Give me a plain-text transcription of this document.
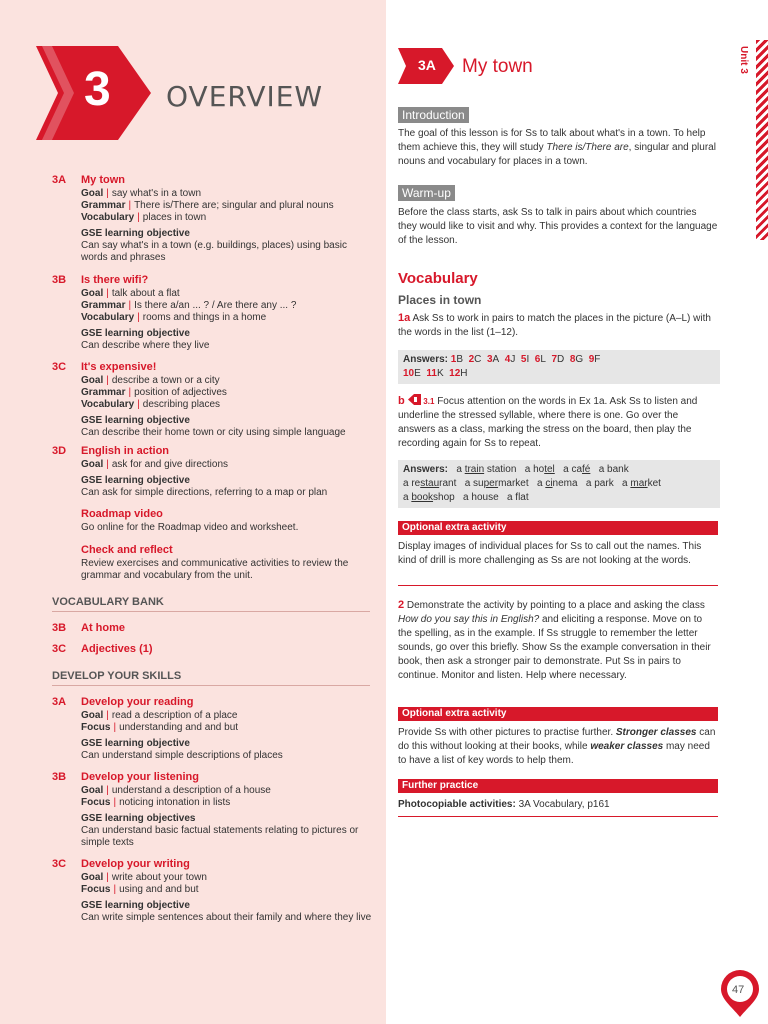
3 OVERVIEW
3A My town
Goal | say what's in a town
Grammar | There is/There are; singular and plural nouns
Vocabulary | places in town
GSE learning objective
Can say what's in a town (e.g. buildings, places) using basic words and phrases
3B Is there wifi?
Goal | talk about a flat
Grammar | Is there a/an ... ? / Are there any ... ?
Vocabulary | rooms and things in a home
GSE learning objective
Can describe where they live
3C It's expensive!
Goal | describe a town or a city
Grammar | position of adjectives
Vocabulary | describing places
GSE learning objective
Can describe their home town or city using simple language
3D English in action
Goal | ask for and give directions
GSE learning objective
Can ask for simple directions, referring to a map or plan
Roadmap video
Go online for the Roadmap video and worksheet.
Check and reflect
Review exercises and communicative activities to review the grammar and vocabulary from the unit.
VOCABULARY BANK
3B At home
3C Adjectives (1)
DEVELOP YOUR SKILLS
3A Develop your reading
Goal | read a description of a place
Focus | understanding and and but
GSE learning objective
Can understand simple descriptions of places
3B Develop your listening
Goal | understand a description of a house
Focus | noticing intonation in lists
GSE learning objectives
Can understand basic factual statements relating to pictures or simple texts
3C Develop your writing
Goal | write about your town
Focus | using and and but
GSE learning objective
Can write simple sentences about their family and where they live
3A My town	Unit 3
Introduction
The goal of this lesson is for Ss to talk about what's in a town. To help them achieve this, they will study There is/There are, singular and plural nouns and vocabulary for places in a town.
Warm-up
Before the class starts, ask Ss to talk in pairs about which countries they would like to visit and why. This provides a context for the language of the lesson.
Vocabulary
Places in town
1a Ask Ss to work in pairs to match the places in the picture (A–L) with the words in the list (1–12).
Answers: 1B 2C 3A 4J 5I 6L 7D 8G 9F
10E 11K 12H
b 3.1 Focus attention on the words in Ex 1a. Ask Ss to listen and underline the stressed syllable, where there is one. Go over the answers as a class, marking the stress on the board, then play the recording again for Ss to repeat.
Answers:   a train station   a hotel   a café   a bank
a restaurant   a supermarket   a cinema   a park   a market
a bookshop   a house   a flat
Optional extra activity
Display images of individual places for Ss to call out the names. This kind of drill is more challenging as Ss are not looking at the words.
2 Demonstrate the activity by pointing to a place and asking the class How do you say this in English? and eliciting a response. Move on to the spelling, as in the example. If Ss struggle to remember the letter sounds, go over this briefly. Show Ss the example conversation in their book, then ask a stronger pair to demonstrate. Put Ss in pairs to continue. Monitor and listen. Help where necessary.
Optional extra activity
Provide Ss with other pictures to practise further. Stronger classes can do this without looking at their books, while weaker classes may need to have a list of key words to help them.
Further practice
Photocopiable activities: 3A Vocabulary, p161
47
